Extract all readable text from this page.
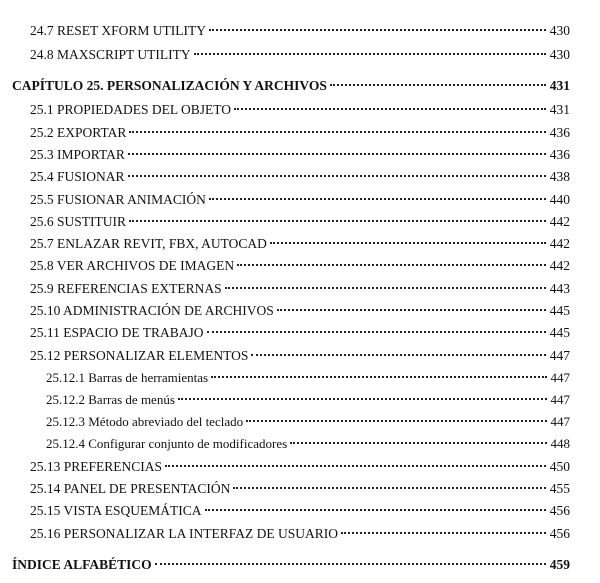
24.7 RESET XFORM UTILITY	430
24.8 MAXSCRIPT UTILITY	430
CAPÍTULO 25. PERSONALIZACIÓN Y ARCHIVOS	431
25.1 PROPIEDADES DEL OBJETO	431
25.2 EXPORTAR	436
25.3 IMPORTAR	436
25.4 FUSIONAR	438
25.5 FUSIONAR ANIMACIÓN	440
25.6 SUSTITUIR	442
25.7 ENLAZAR REVIT, FBX, AUTOCAD	442
25.8 VER ARCHIVOS DE IMAGEN	442
25.9 REFERENCIAS EXTERNAS	443
25.10 ADMINISTRACIÓN DE ARCHIVOS	445
25.11 ESPACIO DE TRABAJO	445
25.12 PERSONALIZAR ELEMENTOS	447
25.12.1 Barras de herramientas	447
25.12.2 Barras de menús	447
25.12.3 Método abreviado del teclado	447
25.12.4 Configurar conjunto de modificadores	448
25.13 PREFERENCIAS	450
25.14 PANEL DE PRESENTACIÓN	455
25.15 VISTA ESQUEMÁTICA	456
25.16 PERSONALIZAR LA INTERFAZ DE USUARIO	456
ÍNDICE ALFABÉTICO	459
